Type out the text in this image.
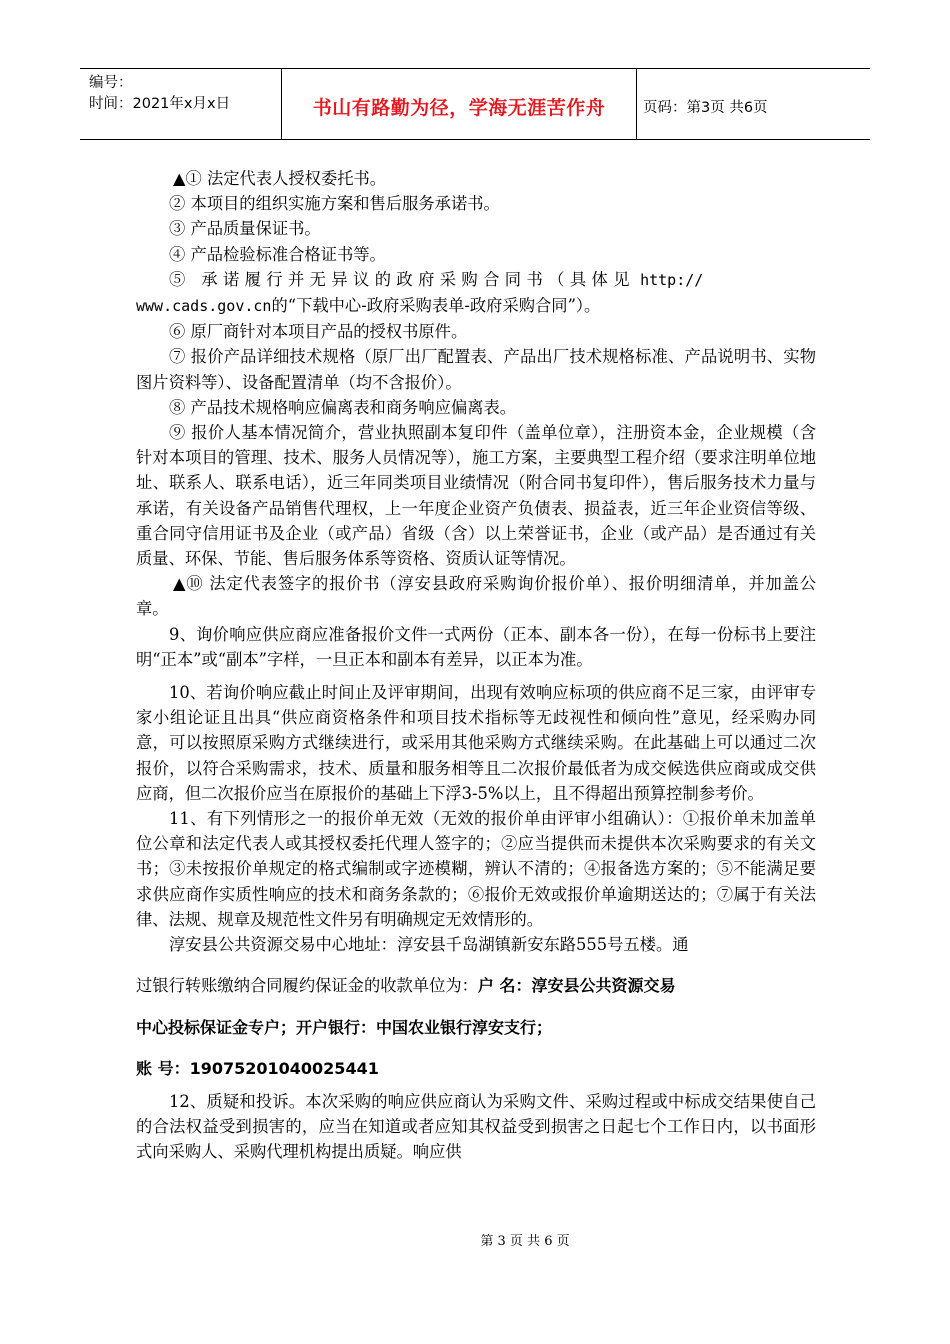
编号：
时间：2021年x月x日	书山有路勤为径，学海无涯苦作舟	页码：第3页 共6页

▲① 法定代表人授权委托书。

② 本项目的组织实施方案和售后服务承诺书。

③ 产品质量保证书。

④ 产品检验标准合格证书等。

⑤ 承诺履行并无异议的政府采购合同书（具体见 http://
www.cads.gov.cn的“下载中心-政府采购表单-政府采购合同”）。

⑥ 原厂商针对本项目产品的授权书原件。

⑦ 报价产品详细技术规格（原厂出厂配置表、产品出厂技术规格标准、产品说明书、实物图片资料等）、设备配置清单（均不含报价）。

⑧ 产品技术规格响应偏离表和商务响应偏离表。

⑨ 报价人基本情况简介，营业执照副本复印件（盖单位章），注册资本金，企业规模（含针对本项目的管理、技术、服务人员情况等），施工方案，主要典型工程介绍（要求注明单位地址、联系人、联系电话），近三年同类项目业绩情况（附合同书复印件），售后服务技术力量与承诺，有关设备产品销售代理权，上一年度企业资产负债表、损益表，近三年企业资信等级、重合同守信用证书及企业（或产品）省级（含）以上荣誉证书，企业（或产品）是否通过有关质量、环保、节能、售后服务体系等资格、资质认证等情况。

▲⑩ 法定代表签字的报价书（淳安县政府采购询价报价单）、报价明细清单，并加盖公章。

9、询价响应供应商应准备报价文件一式两份（正本、副本各一份），在每一份标书上要注明“正本”或“副本”字样，一旦正本和副本有差异，以正本为准。

10、若询价响应截止时间止及评审期间，出现有效响应标项的供应商不足三家，由评审专家小组论证且出具“供应商资格条件和项目技术指标等无歧视性和倾向性”意见，经采购办同意，可以按照原采购方式继续进行，或采用其他采购方式继续采购。在此基础上可以通过二次报价，以符合采购需求，技术、质量和服务相等且二次报价最低者为成交候选供应商或成交供应商，但二次报价应当在原报价的基础上下浮3-5%以上，且不得超出预算控制参考价。

11、有下列情形之一的报价单无效（无效的报价单由评审小组确认）：①报价单未加盖单位公章和法定代表人或其授权委托代理人签字的；②应当提供而未提供本次采购要求的有关文书；③未按报价单规定的格式编制或字迹模糊，辨认不清的；④报备选方案的；⑤不能满足要求供应商作实质性响应的技术和商务条款的；⑥报价无效或报价单逾期送达的；⑦属于有关法律、法规、规章及规范性文件另有明确规定无效情形的。

淳安县公共资源交易中心地址：淳安县千岛湖镇新安东路555号五楼。通

过银行转账缴纳合同履约保证金的收款单位为：户 名：淳安县公共资源交易

中心投标保证金专户；开户银行：中国农业银行淳安支行；

账 号：19075201040025441

12、质疑和投诉。本次采购的响应供应商认为采购文件、采购过程或中标成交结果使自己的合法权益受到损害的，应当在知道或者应知其权益受到损害之日起七个工作日内，以书面形式向采购人、采购代理机构提出质疑。响应供

第 3 页 共 6 页
